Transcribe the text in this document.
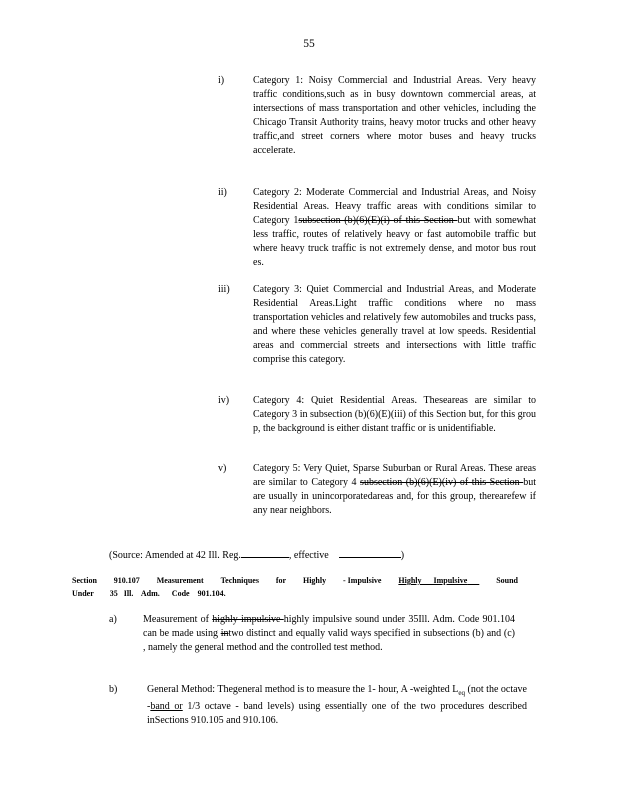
55
i)	Category 1: Noisy Commercial and Industrial Areas. Very heavy traffic conditions,such as in busy downtown commercial areas, at intersections of mass transportation and other vehicles, including the Chicago Transit Authority trains, heavy motor trucks and other heavy traffic,and street corners where motor buses and heavy trucks accelerate.
ii)	Category 2: Moderate Commercial and Industrial Areas, and Noisy Residential Areas. Heavy traffic areas with conditions similar to Category 1subsection (b)(6)(E)(i) of this Section but with somewhat less traffic, routes of relatively heavy or fast automobile traffic but where heavy truck traffic is not extremely dense, and motor bus rout es.
iii) Category 3: Quiet Commercial and Industrial Areas, and Moderate Residential Areas.Light traffic conditions where no mass transportation vehicles and relatively few automobiles and trucks pass, and where these vehicles generally travel at low speeds. Residential areas and commercial streets and intersections with little traffic comprise this category.
iv) Category 4: Quiet Residential Areas. Theseareas are similar to Category 3 in subsection (b)(6)(E)(iii) of this Section but, for this grou p, the background is either distant traffic or is unidentifiable.
v)	Category 5: Very Quiet, Sparse Suburban or Rural Areas. These areas are similar to Category 4 subsection (b)(6)(E)(iv) of this Section but are usually in unincorporatedareas and, for this group, therearefew if any near neighbors.
(Source: Amended at 42 Ill. Reg.	, effective	)
Section 910.107 Measurement Techniques for Highly - Impulsive Highly Impulsive	Sound
Under 35 Ill. Adm. Code 901.104.
a)	Measurement of highly impulsive highly impulsive sound under 35Ill. Adm. Code 901.104 can be made using intwo distinct and equally valid ways specified in subsections (b) and (c) , namely the general method and the controlled test method.
b)	General Method: Thegeneral method is to measure the 1- hour, A -weighted $L_{eq}$ (not the octave -band or 1/3 octave - band levels) using essentially one of the two procedures described inSections 910.105 and 910.106.
